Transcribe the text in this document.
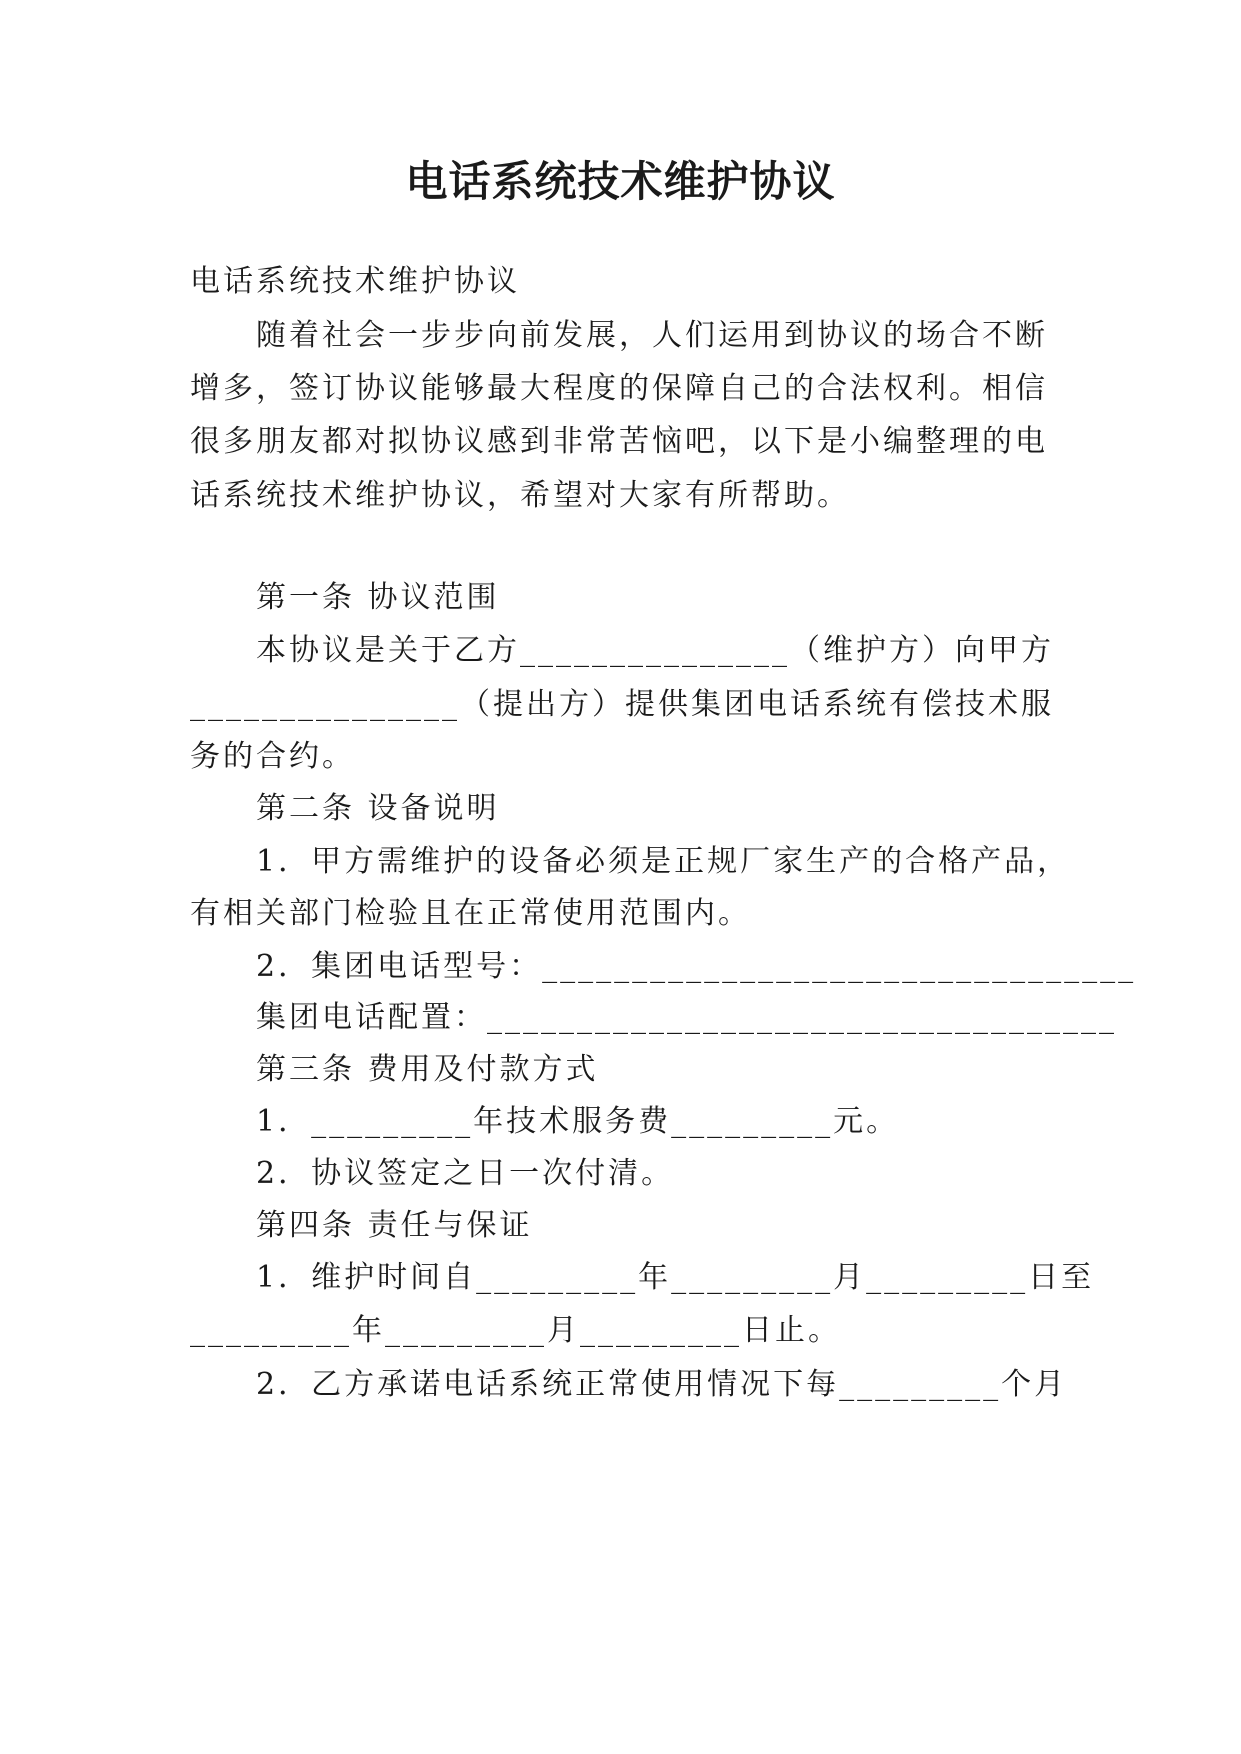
电话系统技术维护协议
电话系统技术维护协议
随着社会一步步向前发展，人们运用到协议的场合不断
增多，签订协议能够最大程度的保障自己的合法权利。相信
很多朋友都对拟协议感到非常苦恼吧，以下是小编整理的电
话系统技术维护协议，希望对大家有所帮助。
第一条 协议范围
本协议是关于乙方_______________（维护方）向甲方
_______________（提出方）提供集团电话系统有偿技术服
务的合约。
第二条 设备说明
1．甲方需维护的设备必须是正规厂家生产的合格产品，
有相关部门检验且在正常使用范围内。
2．集团电话型号：_________________________________
集团电话配置：___________________________________
第三条 费用及付款方式
1．_________年技术服务费_________元。
2．协议签定之日一次付清。
第四条 责任与保证
1．维护时间自_________年_________月_________日至
_________年_________月_________日止。
2．乙方承诺电话系统正常使用情况下每_________个月
